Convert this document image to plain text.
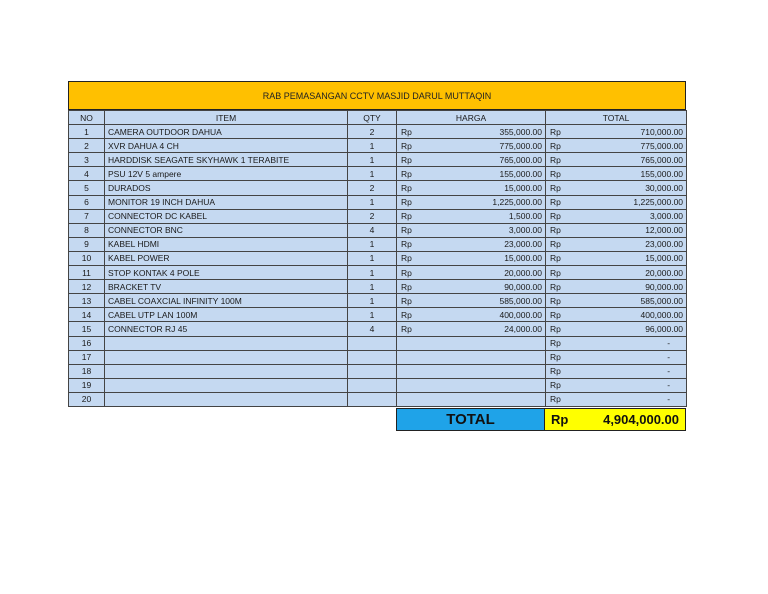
RAB PEMASANGAN CCTV MASJID DARUL MUTTAQIN
NO	ITEM	QTY	HARGA		TOTAL	
1	CAMERA OUTDOOR DAHUA	2	Rp	355,000.00	Rp	710,000.00
2	XVR DAHUA 4 CH	1	Rp	775,000.00	Rp	775,000.00
3	HARDDISK SEAGATE SKYHAWK 1 TERABITE	1	Rp	765,000.00	Rp	765,000.00
4	PSU 12V 5 ampere	1	Rp	155,000.00	Rp	155,000.00
5	DURADOS	2	Rp	15,000.00	Rp	30,000.00
6	MONITOR 19 INCH DAHUA	1	Rp	1,225,000.00	Rp	1,225,000.00
7	CONNECTOR DC KABEL	2	Rp	1,500.00	Rp	3,000.00
8	CONNECTOR BNC	4	Rp	3,000.00	Rp	12,000.00
9	KABEL HDMI	1	Rp	23,000.00	Rp	23,000.00
10	KABEL POWER	1	Rp	15,000.00	Rp	15,000.00
11	STOP KONTAK 4 POLE	1	Rp	20,000.00	Rp	20,000.00
12	BRACKET TV	1	Rp	90,000.00	Rp	90,000.00
13	CABEL COAXCIAL INFINITY 100M	1	Rp	585,000.00	Rp	585,000.00
14	CABEL UTP LAN 100M	1	Rp	400,000.00	Rp	400,000.00
15	CONNECTOR RJ 45	4	Rp	24,000.00	Rp	96,000.00
16					Rp	-
17					Rp	-
18					Rp	-
19					Rp	-
20					Rp	-
TOTAL	Rp	4,904,000.00
